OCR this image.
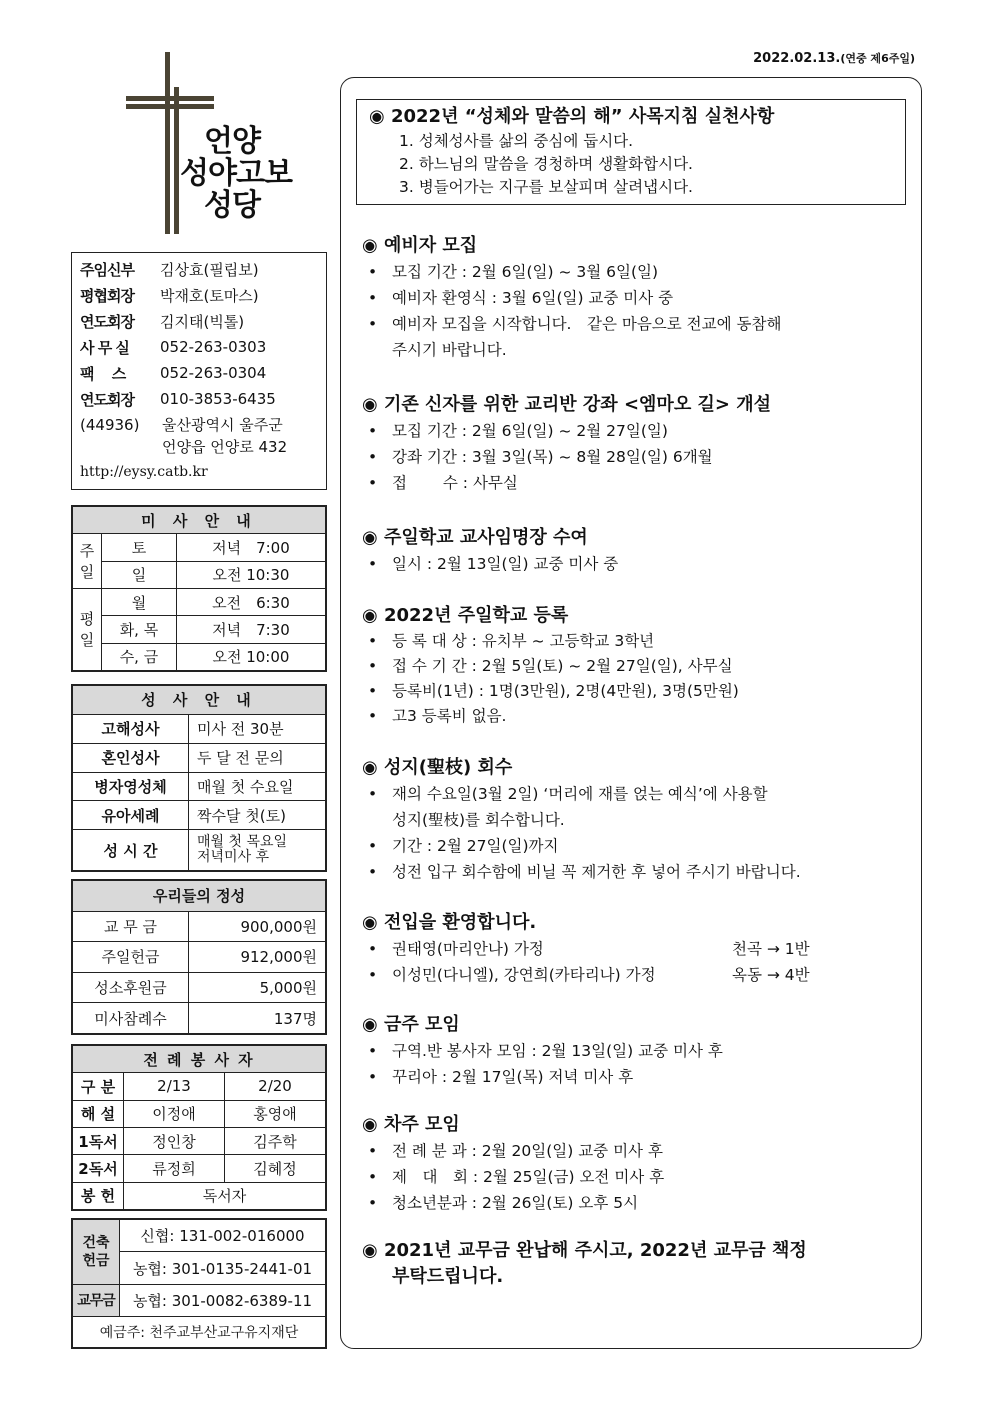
2022.02.13.(연중 제6주일)
언양
성야고보
성당
주임신부	김상효(필립보)
평협회장	박재호(토마스)
연도회장	김지태(빅톨)
사 무 실	052-263-0303
팩　 스	052-263-0304
연도회장	010-3853-6435
(44936)	울산광역시 울주군
언양읍 언양로 432
http://eysy.catb.kr
미 사 안 내		
주일	토	저녁　7:00
	일	오전 10:30
평일	월	오전　6:30
	화, 목	저녁　7:30
	수, 금	오전 10:00
성 사 안 내	
고해성사	미사 전 30분
혼인성사	두 달 전 문의
병자영성체	매월 첫 수요일
유아세례	짝수달 첫(토)
성 시 간	매월 첫 목요일
저녁미사 후
우리들의 정성	
교 무 금	900,000원
주일헌금	912,000원
성소후원금	5,000원
미사참례수	137명
전 례 봉 사 자		
구 분	2/13	2/20
해 설	이정애	홍영애
1독서	정인창	김주학
2독서	류정희	김혜정
봉 헌	독서자	
건축헌금	신협: 131-002-016000
	농협: 301-0135-2441-01
교무금	농협: 301-0082-6389-11
예금주: 천주교부산교구유지재단	
◉ 2022년 “성체와 말씀의 해” 사목지침 실천사항
1. 성체성사를 삶의 중심에 둡시다.
2. 하느님의 말씀을 경청하며 생활화합시다.
3. 병들어가는 지구를 보살피며 살려냅시다.
◉ 예비자 모집
• 모집 기간 : 2월 6일(일) ~ 3월 6일(일)
• 예비자 환영식 : 3월 6일(일) 교중 미사 중
• 예비자 모집을 시작합니다.　같은 마음으로 전교에 동참해
주시기 바랍니다.
◉ 기존 신자를 위한 교리반 강좌 <엠마오 길> 개설
• 모집 기간 : 2월 6일(일) ~ 2월 27일(일)
• 강좌 기간 : 3월 3일(목) ~ 8월 28일(일) 6개월
• 접　　 수 : 사무실
◉ 주일학교 교사임명장 수여
• 일시 : 2월 13일(일) 교중 미사 중
◉ 2022년 주일학교 등록
• 등 록 대 상 : 유치부 ~ 고등학교 3학년
• 접 수 기 간 : 2월 5일(토) ~ 2월 27일(일), 사무실
• 등록비(1년) : 1명(3만원), 2명(4만원), 3명(5만원)
• 고3 등록비 없음.
◉ 성지(聖枝) 회수
• 재의 수요일(3월 2일) ‘머리에 재를 얹는 예식’에 사용할
성지(聖枝)를 회수합니다.
• 기간 : 2월 27일(일)까지
• 성전 입구 회수함에 비닐 꼭 제거한 후 넣어 주시기 바랍니다.
◉ 전입을 환영합니다.
• 권태영(마리안나) 가정	천곡 → 1반
• 이성민(다니엘), 강연희(카타리나) 가정	옥동 → 4반
◉ 금주 모임
• 구역.반 봉사자 모임 : 2월 13일(일) 교중 미사 후
• 꾸리아 : 2월 17일(목) 저녁 미사 후
◉ 차주 모임
• 전 례 분 과 : 2월 20일(일) 교중 미사 후
• 제　대　회 : 2월 25일(금) 오전 미사 후
• 청소년분과 : 2월 26일(토) 오후 5시
◉ 2021년 교무금 완납해 주시고, 2022년 교무금 책정
부탁드립니다.
